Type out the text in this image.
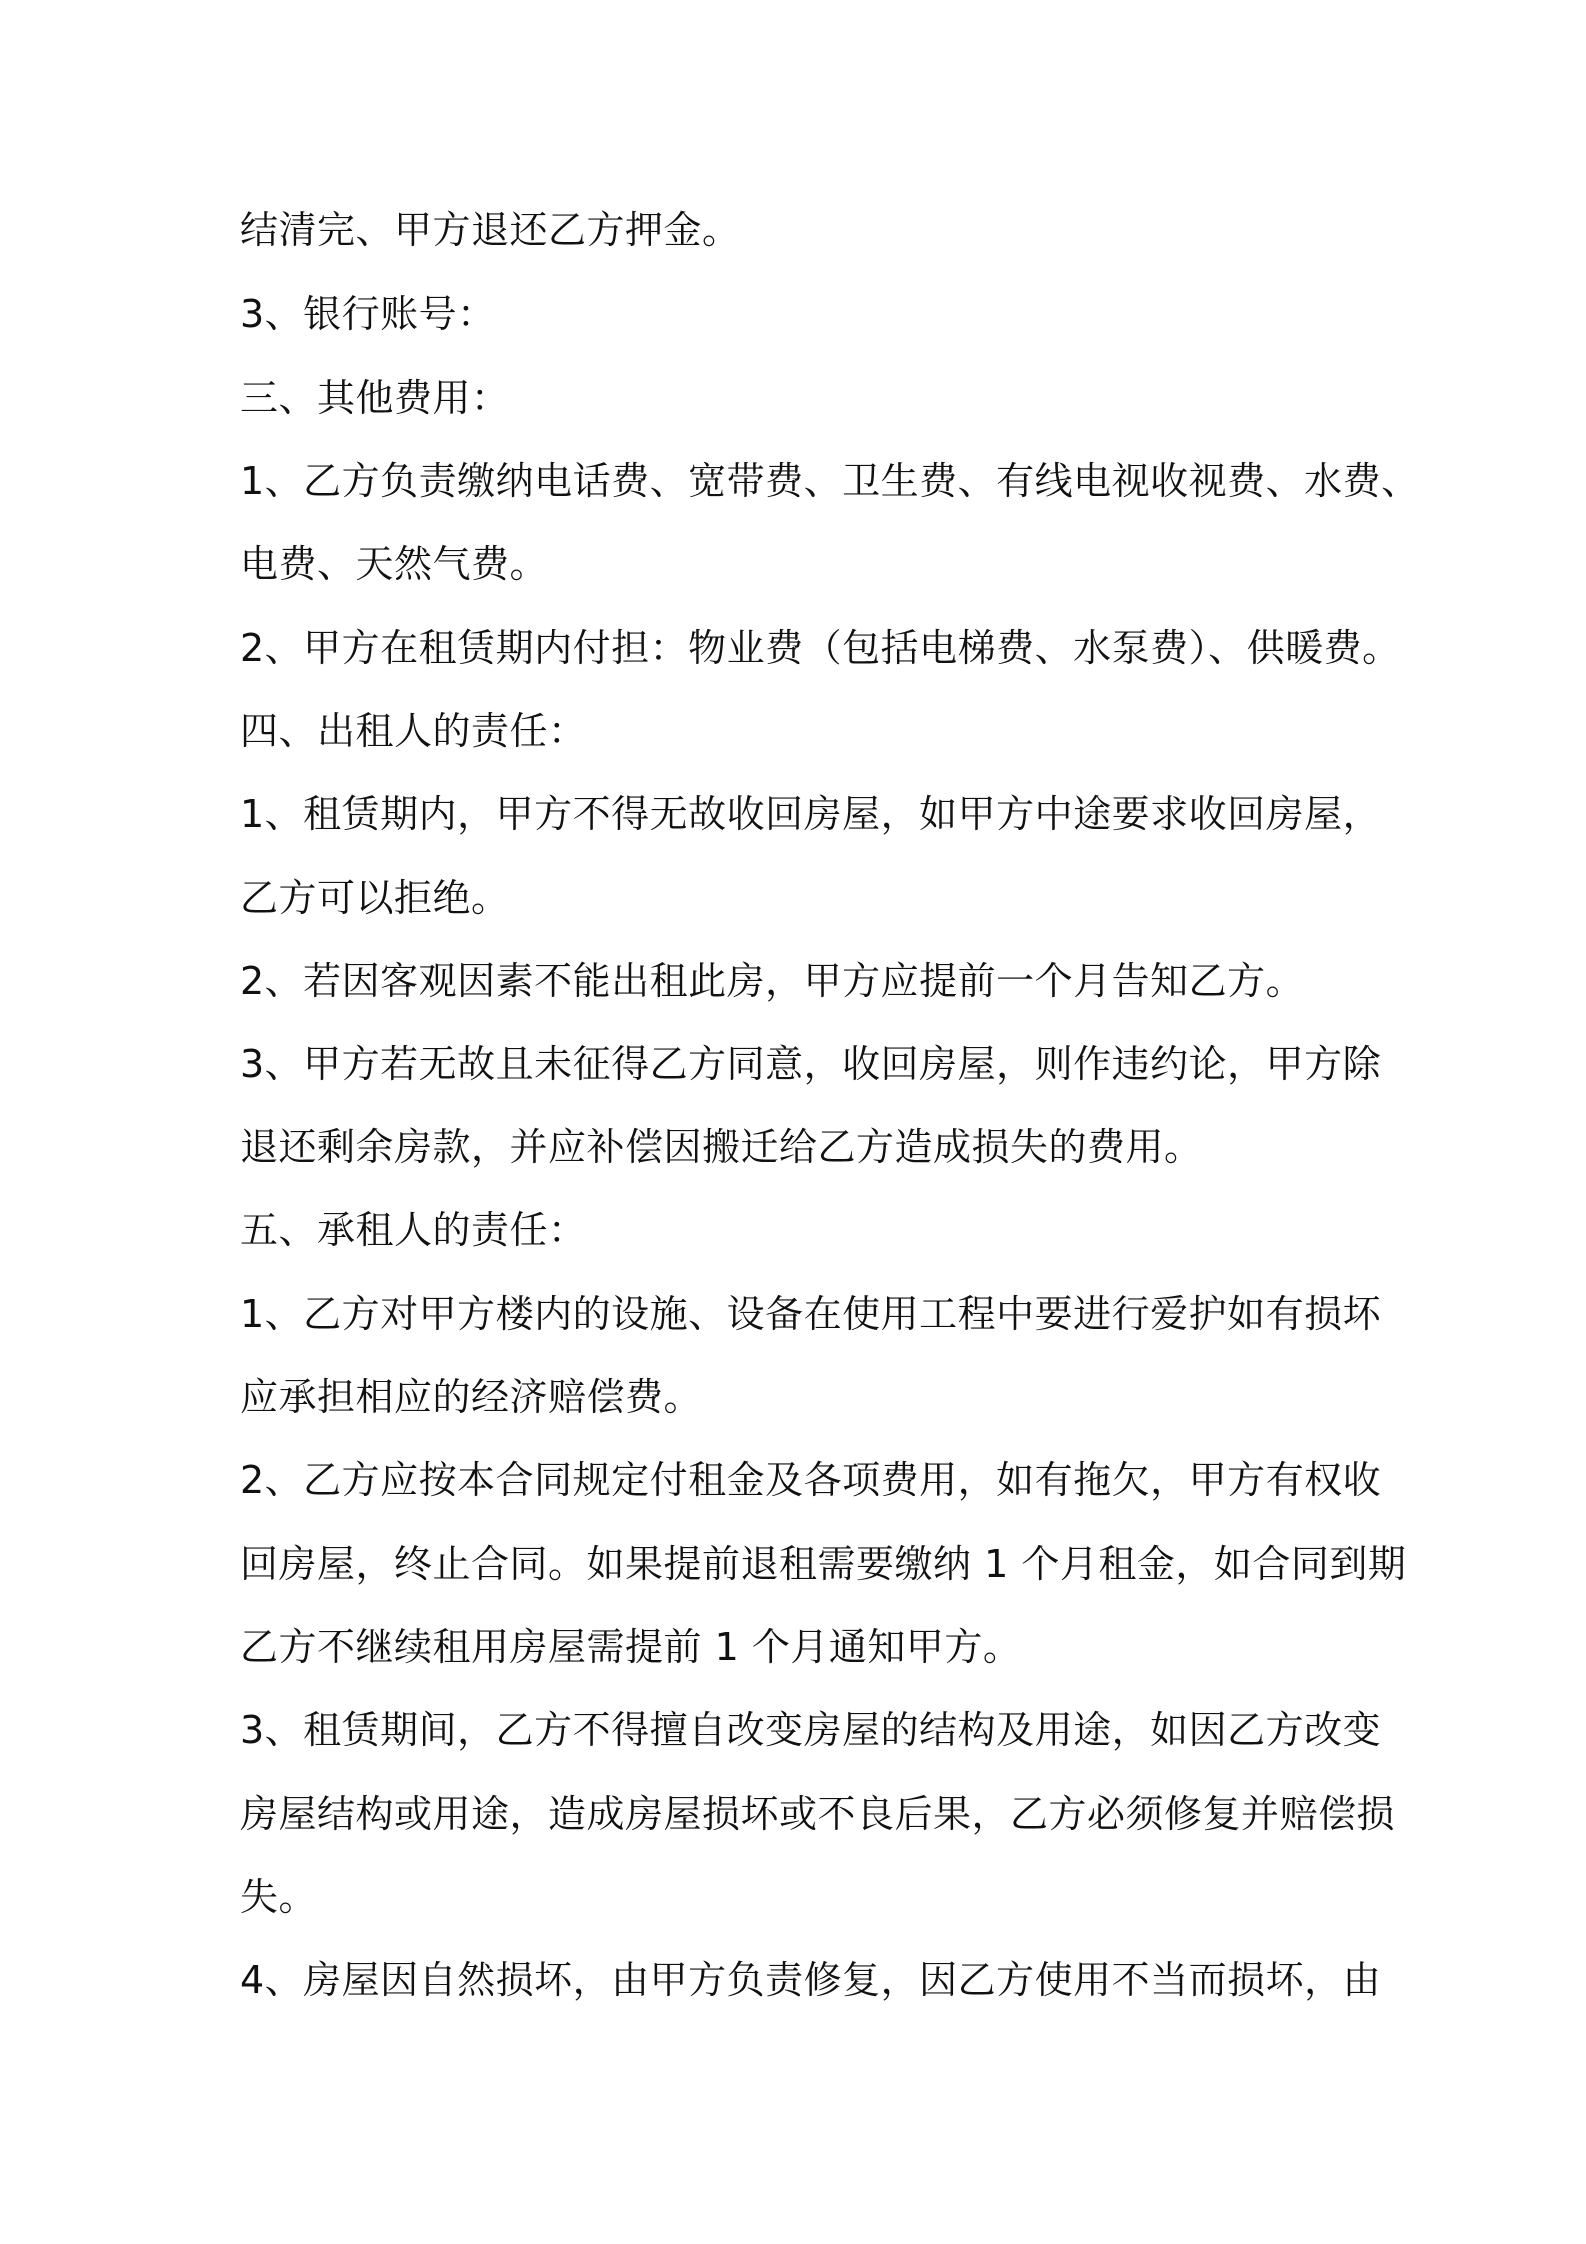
结清完、甲方退还乙方押金。
3、银行账号：
三、其他费用：
1、乙方负责缴纳电话费、宽带费、卫生费、有线电视收视费、水费、
电费、天然气费。
2、甲方在租赁期内付担：物业费（包括电梯费、水泵费）、供暖费。
四、出租人的责任：
1、租赁期内，甲方不得无故收回房屋，如甲方中途要求收回房屋，
乙方可以拒绝。
2、若因客观因素不能出租此房，甲方应提前一个月告知乙方。
3、甲方若无故且未征得乙方同意，收回房屋，则作违约论，甲方除
退还剩余房款，并应补偿因搬迁给乙方造成损失的费用。
五、承租人的责任：
1、乙方对甲方楼内的设施、设备在使用工程中要进行爱护如有损坏
应承担相应的经济赔偿费。
2、乙方应按本合同规定付租金及各项费用，如有拖欠，甲方有权收
回房屋，终止合同。如果提前退租需要缴纳 1 个月租金，如合同到期
乙方不继续租用房屋需提前 1 个月通知甲方。
3、租赁期间，乙方不得擅自改变房屋的结构及用途，如因乙方改变
房屋结构或用途，造成房屋损坏或不良后果，乙方必须修复并赔偿损
失。
4、房屋因自然损坏，由甲方负责修复，因乙方使用不当而损坏，由
